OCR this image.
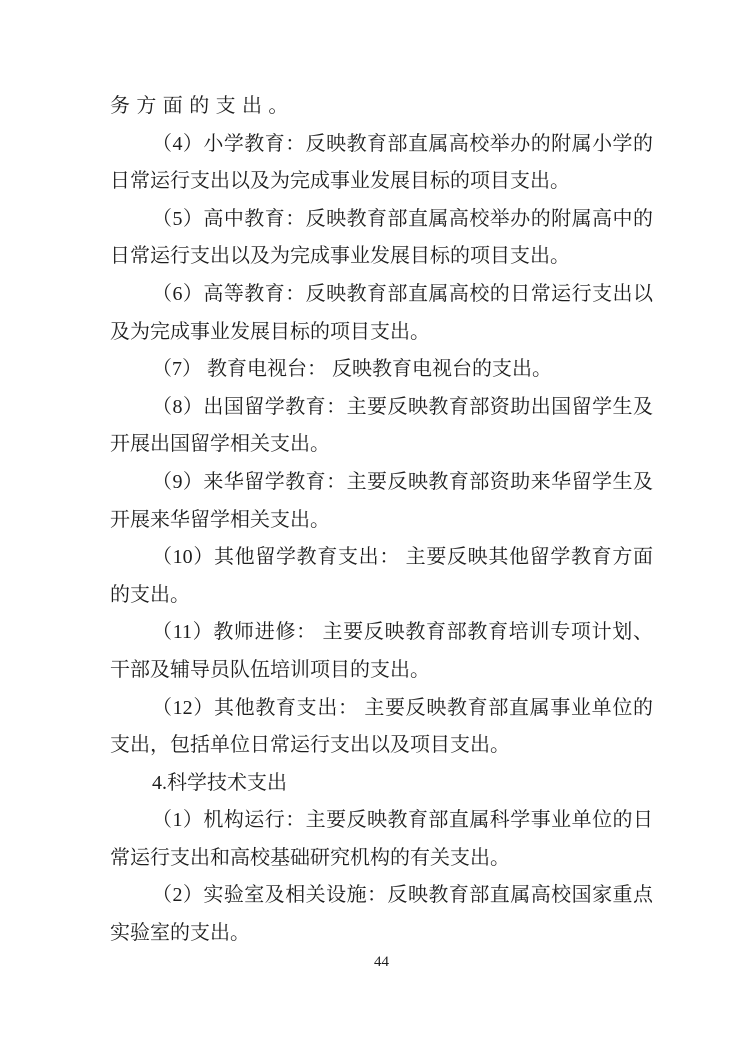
务方面的支出。
（4）小学教育：反映教育部直属高校举办的附属小学的
日常运行支出以及为完成事业发展目标的项目支出。
（5）高中教育：反映教育部直属高校举办的附属高中的
日常运行支出以及为完成事业发展目标的项目支出。
（6）高等教育：反映教育部直属高校的日常运行支出以
及为完成事业发展目标的项目支出。
（7） 教育电视台： 反映教育电视台的支出。
（8）出国留学教育：主要反映教育部资助出国留学生及
开展出国留学相关支出。
（9）来华留学教育：主要反映教育部资助来华留学生及
开展来华留学相关支出。
（10）其他留学教育支出： 主要反映其他留学教育方面
的支出。
（11）教师进修： 主要反映教育部教育培训专项计划、
干部及辅导员队伍培训项目的支出。
（12）其他教育支出： 主要反映教育部直属事业单位的
支出，包括单位日常运行支出以及项目支出。
4.科学技术支出
（1）机构运行：主要反映教育部直属科学事业单位的日
常运行支出和高校基础研究机构的有关支出。
（2）实验室及相关设施：反映教育部直属高校国家重点
实验室的支出。
44
